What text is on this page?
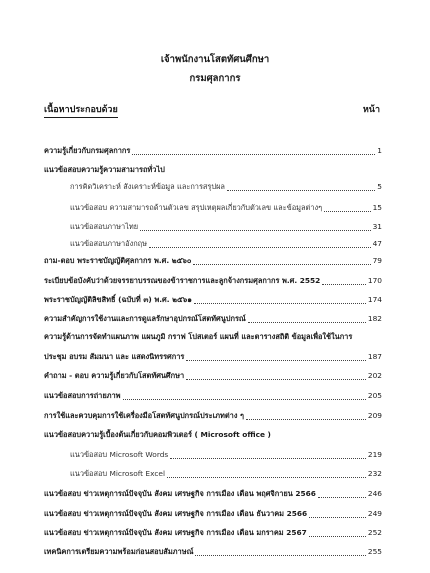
เจ้าพนักงานโสตทัศนศึกษา
กรมศุลกากร
เนื้อหาประกอบด้วย	หน้า
ความรู้เกี่ยวกับกรมศุลกากร	1
แนวข้อสอบความรู้ความสามารถทั่วไป
การคิดวิเคราะห์ สังเคราะห์ข้อมูล และการสรุปผล	5
แนวข้อสอบ ความสามารถด้านตัวเลข สรุปเหตุผลเกี่ยวกับตัวเลข และข้อมูลต่างๆ	15
แนวข้อสอบภาษาไทย	31
แนวข้อสอบภาษาอังกฤษ	47
ถาม-ตอบ พระราชบัญญัติศุลกากร พ.ศ. ๒๕๖๐	79
ระเบียบข้อบังคับว่าด้วยจรรยาบรรณของข้าราชการและลูกจ้างกรมศุลกากร พ.ศ. 2552	170
พระราชบัญญัติลิขสิทธิ์ (ฉบับที่ ๓) พ.ศ. ๒๕๖๑	174
ความสำคัญการใช้งานและการดูแลรักษาอุปกรณ์โสตทัศนูปกรณ์	182
ความรู้ด้านการจัดทำแผนภาพ แผนภูมิ กราฟ โปสเตอร์ แผนที่ และตารางสถิติ ข้อมูลเพื่อใช้ในการ
ประชุม อบรม สัมมนา และ แสดงนิทรรศการ	187
คำถาม - ตอบ ความรู้เกี่ยวกับโสตทัศนศึกษา	202
แนวข้อสอบการถ่ายภาพ	205
การใช้และควบคุมการใช้เครื่องมือโสตทัศนูปกรณ์ประเภทต่าง ๆ	209
แนวข้อสอบความรู้เบื้องต้นเกี่ยวกับคอมพิวเตอร์ ( Microsoft office )
แนวข้อสอบ Microsoft Words	219
แนวข้อสอบ Microsoft Excel	232
แนวข้อสอบ ข่าวเหตุการณ์ปัจจุบัน สังคม เศรษฐกิจ การเมือง เดือน พฤศจิกายน 2566	246
แนวข้อสอบ ข่าวเหตุการณ์ปัจจุบัน สังคม เศรษฐกิจ การเมือง เดือน ธันวาคม 2566	249
แนวข้อสอบ ข่าวเหตุการณ์ปัจจุบัน สังคม เศรษฐกิจ การเมือง เดือน มกราคม 2567	252
เทคนิคการเตรียมความพร้อมก่อนสอบสัมภาษณ์	255
